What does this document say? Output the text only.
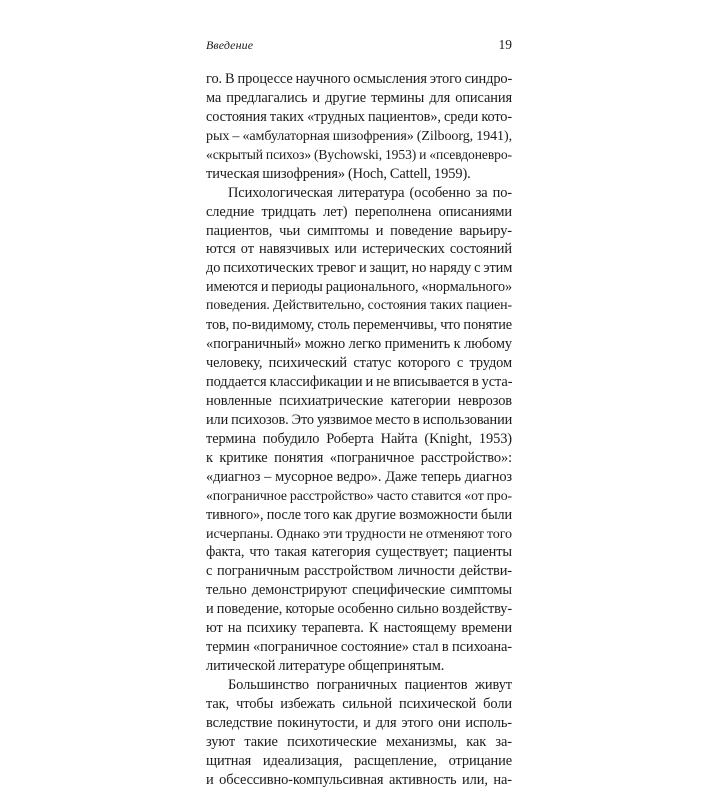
Введение	19
го. В процессе научного осмысления этого синдро-
ма предлагались и другие термины для описания
состояния таких «трудных пациентов», среди кото-
рых – «амбулаторная шизофрения» (Zilboorg, 1941),
«скрытый психоз» (Bychowski, 1953) и «псевдоневро-
тическая шизофрения» (Hoch, Cattell, 1959).
Психологическая литература (особенно за по-
следние тридцать лет) переполнена описаниями
пациентов, чьи симптомы и поведение варьиру-
ются от навязчивых или истерических состояний
до психотических тревог и защит, но наряду с этим
имеются и периоды рационального, «нормального»
поведения. Действительно, состояния таких пациен-
тов, по-видимому, столь переменчивы, что понятие
«пограничный» можно легко применить к любому
человеку, психический статус которого с трудом
поддается классификации и не вписывается в уста-
новленные психиатрические категории неврозов
или психозов. Это уязвимое место в использовании
термина побудило Роберта Найта (Knight, 1953)
к критике понятия «пограничное расстройство»:
«диагноз – мусорное ведро». Даже теперь диагноз
«пограничное расстройство» часто ставится «от про-
тивного», после того как другие возможности были
исчерпаны. Однако эти трудности не отменяют того
факта, что такая категория существует; пациенты
с пограничным расстройством личности действи-
тельно демонстрируют специфические симптомы
и поведение, которые особенно сильно воздейству-
ют на психику терапевта. К настоящему времени
термин «пограничное состояние» стал в психоана-
литической литературе общепринятым.
Большинство пограничных пациентов живут
так, чтобы избежать сильной психической боли
вследствие покинутости, и для этого они исполь-
зуют такие психотические механизмы, как за-
щитная идеализация, расщепление, отрицание
и обсессивно-компульсивная активность или, на-
